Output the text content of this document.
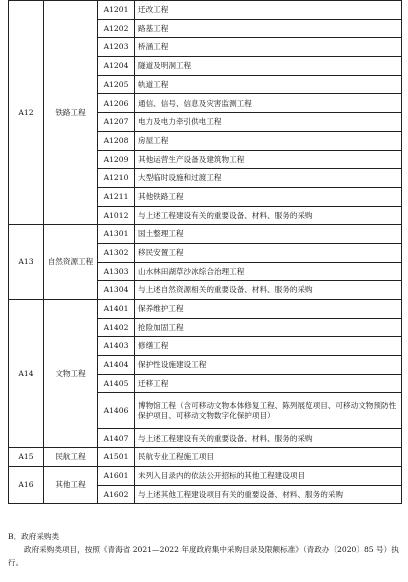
A12	铁路工程	A1201	迁改工程
		A1202	路基工程
		A1203	桥涵工程
		A1204	隧道及明洞工程
		A1205	轨道工程
		A1206	通信、信号、信息及灾害监测工程
		A1207	电力及电力牵引供电工程
		A1208	房屋工程
		A1209	其他运营生产设备及建筑物工程
		A1210	大型临时设施和过渡工程
		A1211	其他铁路工程
		A1012	与上述工程建设有关的重要设备、材料、服务的采购
A13	自然资源工程	A1301	国土整理工程
		A1302	移民安置工程
		A1303	山水林田湖草沙冰综合治理工程
		A1304	与上述自然资源相关的重要设备、材料、服务的采购
A14	文物工程	A1401	保养维护工程
		A1402	抢险加固工程
		A1403	修缮工程
		A1404	保护性设施建设工程
		A1405	迁移工程
		A1406	博物馆工程（含可移动文物本体修复工程、陈列展览项目、可移动文物预防性保护项目、可移动文物数字化保护项目）
		A1407	与上述工程建设有关的重要设备、材料、服务的采购
A15	民航工程	A1501	民航专业工程施工项目
A16	其他工程	A1601	未列入目录内的依法公开招标的其他工程建设项目
		A1602	与上述其他工程建设项目有关的重要设备、材料、服务的采购
B．政府采购类
政府采购类项目，按照《青海省 2021—2022 年度政府集中采购目录及限额标准》（青政办〔2020〕85 号）执行。
